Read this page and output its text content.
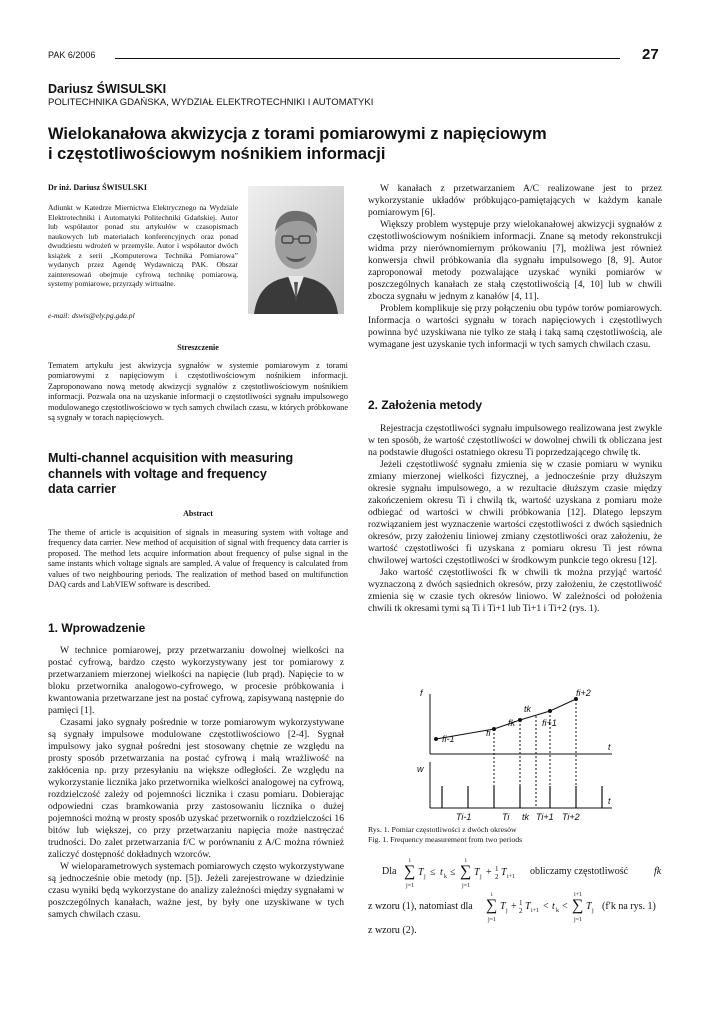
PAK 6/2006	27
Dariusz ŚWISULSKI
POLITECHNIKA GDAŃSKA, WYDZIAŁ ELEKTROTECHNIKI I AUTOMATYKI
Wielokanałowa akwizycja z torami pomiarowymi z napięciowym
i częstotliwościowym nośnikiem informacji
Dr inż. Dariusz ŚWISULSKI
Adiunkt w Katedrze Miernictwa Elektrycznego na Wydziale Elektrotechniki i Automatyki Politechniki Gdańskiej. Autor lub współautor ponad stu artykułów w czasopismach naukowych lub materiałach konferencyjnych oraz ponad dwudziestu wdrożeń w przemyśle. Autor i współautor dwóch książek z serii „Komputerowa Technika Pomiarowa” wydanych przez Agendę Wydawniczą PAK. Obszar zainteresowań obejmuje cyfrową technikę pomiarową, systemy pomiarowe, przyrządy wirtualne.
e-mail: dswis@ely.pg.gda.pl
Streszczenie
Tematem artykułu jest akwizycja sygnałów w systemie pomiarowym z torami pomiarowymi z napięciowym i częstotliwościowym nośnikiem informacji. Zaproponowano nową metodę akwizycji sygnałów z częstotliwościowym nośnikiem informacji. Pozwala ona na uzyskanie informacji o częstotliwości sygnału impulsowego modulowanego częstotliwościowo w tych samych chwilach czasu, w których próbkowane są sygnały w torach napięciowych.
Multi-channel acquisition with measuring
channels with voltage and frequency
data carrier
Abstract
The theme of article is acquisition of signals in measuring system with voltage and frequency data carrier. New method of acquisition of signal with frequency data carrier is proposed. The method lets acquire information about frequency of pulse signal in the same instants which voltage signals are sampled. A value of frequency is calculated from values of two neighbouring periods. The realization of method based on multifunction DAQ cards and LabVIEW software is described.
1. Wprowadzenie

W technice pomiarowej, przy przetwarzaniu dowolnej wielkości na postać cyfrową, bardzo często wykorzystywany jest tor pomiarowy z przetwarzaniem mierzonej wielkości na napięcie (lub prąd). Napięcie to w bloku przetwornika analogowo-cyfrowego, w procesie próbkowania i kwantowania przetwarzane jest na postać cyfrową, zapisywaną następnie do pamięci [1].

Czasami jako sygnały pośrednie w torze pomiarowym wykorzystywane są sygnały impulsowe modulowane częstotliwościowo [2-4]. Sygnał impulsowy jako sygnał pośredni jest stosowany chętnie ze względu na prosty sposób przetwarzania na postać cyfrową i małą wrażliwość na zakłócenia np. przy przesyłaniu na większe odległości. Ze względu na wykorzystanie licznika jako przetwornika wielkości analogowej na cyfrową, rozdzielczość zależy od pojemności licznika i czasu pomiaru. Dobierając odpowiedni czas bramkowania przy zastosowaniu licznika o dużej pojemności możną w prosty sposób uzyskać przetwornik o rozdzielczości 16 bitów lub większej, co przy przetwarzaniu napięcia może nastręczać trudności. Do zalet przetwarzania f/C w porównaniu z A/C można również zaliczyć dostępność dokładnych wzorców.

W wieloparametrowych systemach pomiarowych często wykorzystywane są jednocześnie obie metody (np. [5]). Jeżeli zarejestrowane w dziedzinie czasu wyniki będą wykorzystane do analizy zależności między sygnałami w poszczególnych kanałach, ważne jest, by były one uzyskiwane w tych samych chwilach czasu.

W kanałach z przetwarzaniem A/C realizowane jest to przez wykorzystanie układów próbkująco-pamiętających w każdym kanale pomiarowym [6].

Większy problem występuje przy wielokanałowej akwizycji sygnałów z częstotliwościowym nośnikiem informacji. Znane są metody rekonstrukcji widma przy nierównomiernym prókowaniu [7], możliwa jest również konwersja chwil próbkowania dla sygnału impulsowego [8, 9]. Autor zaproponował metody pozwalające uzyskać wyniki pomiarów w poszczególnych kanałach ze stałą częstotliwością [4, 10] lub w chwili zbocza sygnału w jednym z kanałów [4, 11].

Problem komplikuje się przy połączeniu obu typów torów pomiarowych. Informacja o wartości sygnału w torach napięciowych i częstotliwych powinna być uzyskiwana nie tylko ze stałą i taką samą częstotliwością, ale wymagane jest uzyskanie tych informacji w tych samych chwilach czasu.

2. Założenia metody

Rejestracja częstotliwości sygnału impulsowego realizowana jest zwykle w ten sposób, że wartość częstotliwości w dowolnej chwili tk obliczana jest na podstawie długości ostatniego okresu Ti poprzedzającego chwilę tk.

Jeżeli częstotliwość sygnału zmienia się w czasie pomiaru w wyniku zmiany mierzonej wielkości fizycznej, a jednocześnie przy dłuższym okresie sygnału impulsowego, a w rezultacie dłuższym czasie między zakończeniem okresu Ti i chwilą tk, wartość uzyskana z pomiaru może odbiegać od wartości w chwili próbkowania [12]. Dlatego lepszym rozwiązaniem jest wyznaczenie wartości częstotliwości z dwóch sąsiednich okresów, przy założeniu liniowej zmiany częstotliwości oraz założeniu, że wartość częstotliwości fi uzyskana z pomiaru okresu Ti jest równa chwilowej wartości częstotliwości w środkowym punkcie tego okresu [12].

Jako wartość częstotliwości fk w chwili tk można przyjąć wartość wyznaczoną z dwóch sąsiednich okresów, przy założeniu, że częstotliwość zmienia się w czasie tych okresów liniowo. W zależności od położenia chwili tk okresami tymi są Ti i Ti+1 lub Ti+1 i Ti+2 (rys. 1).

f
t
w
t
fi-1
fi
fk
tk
fi+1
fi+2
Ti-1	Ti tk Ti+1 Ti+2
Rys. 1. Pomiar częstotliwości z dwóch okresów
Fig. 1. Frequency measurement from two periods
Dla ∑
i
j=1
T j ≤ t k ≤ ∑
i
j=1
T j + 1
2 T i+1 obliczamy częstotliwość	fk
z wzoru (1), natomiast dla ∑
i
j=1
T j + 1
2 T i+1 < t k < ∑
i+1
j=1
T j (f′k na rys. 1)
z wzoru (2).
